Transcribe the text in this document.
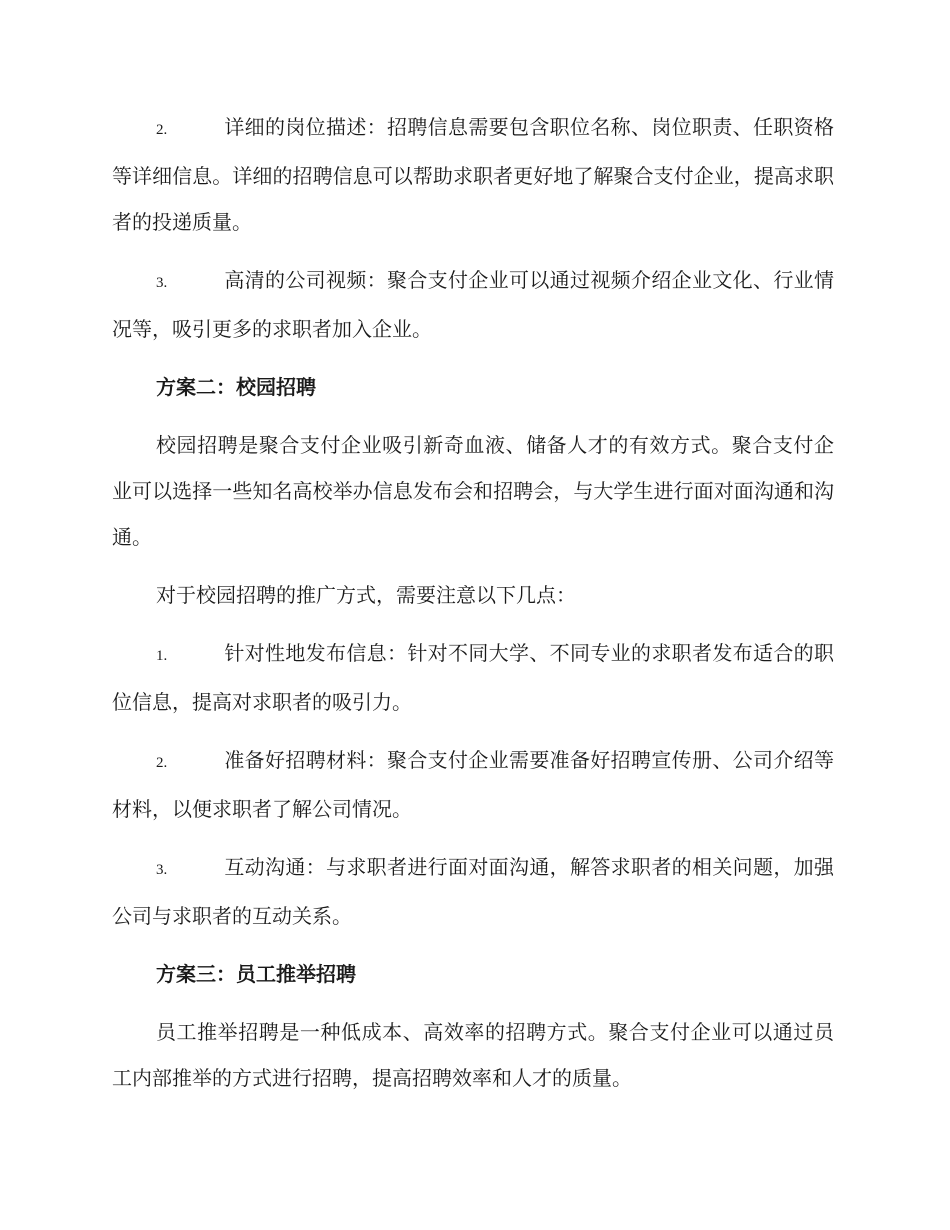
2.	详细的岗位描述：招聘信息需要包含职位名称、岗位职责、任职资格等详细信息。详细的招聘信息可以帮助求职者更好地了解聚合支付企业，提高求职者的投递质量。

3.	高清的公司视频：聚合支付企业可以通过视频介绍企业文化、行业情况等，吸引更多的求职者加入企业。

方案二：校园招聘

校园招聘是聚合支付企业吸引新奇血液、储备人才的有效方式。聚合支付企业可以选择一些知名高校举办信息发布会和招聘会，与大学生进行面对面沟通和沟通。

对于校园招聘的推广方式，需要注意以下几点：

1.	针对性地发布信息：针对不同大学、不同专业的求职者发布适合的职位信息，提高对求职者的吸引力。

2.	准备好招聘材料：聚合支付企业需要准备好招聘宣传册、公司介绍等材料，以便求职者了解公司情况。

3.	互动沟通：与求职者进行面对面沟通，解答求职者的相关问题，加强公司与求职者的互动关系。

方案三：员工推举招聘

员工推举招聘是一种低成本、高效率的招聘方式。聚合支付企业可以通过员工内部推举的方式进行招聘，提高招聘效率和人才的质量。
